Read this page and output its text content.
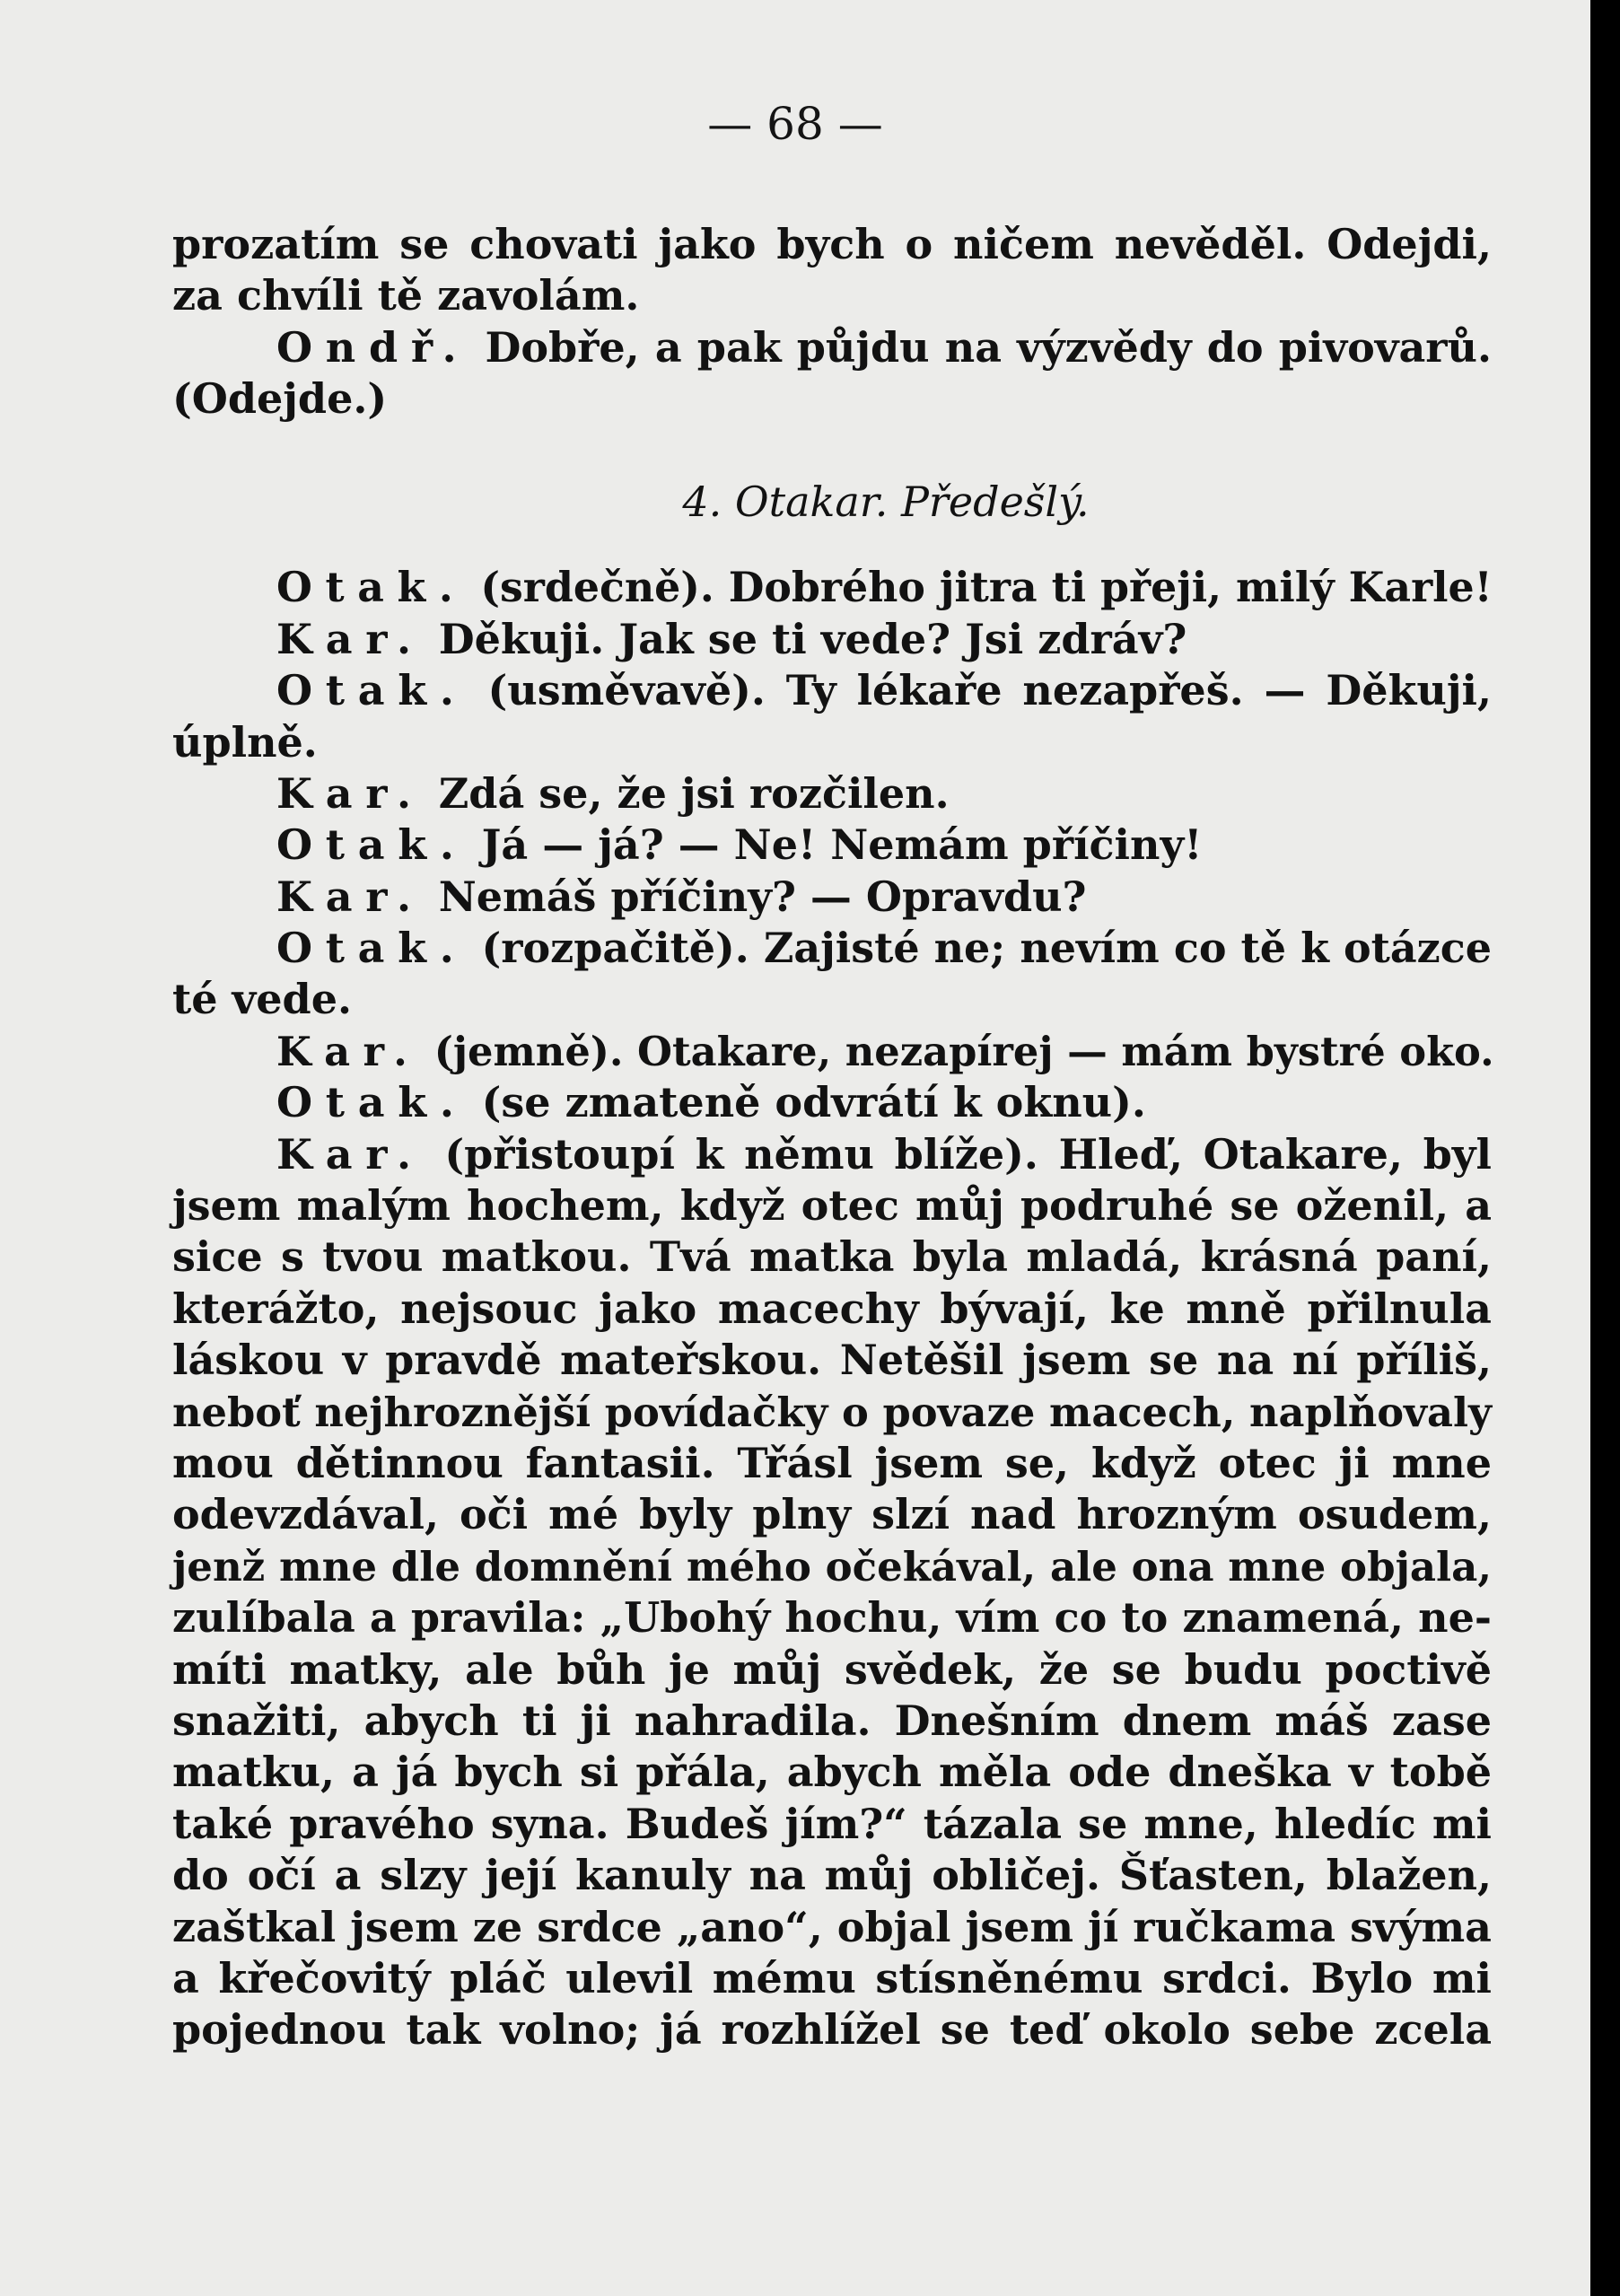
— 68 —
prozatím se chovati jako bych o ničem nevěděl. Odejdi,
za chvíli tě zavolám.
Ondř. Dobře, a pak půjdu na výzvědy do pivovarů.
(Odejde.)
4. Otakar. Předešlý.
Otak. (srdečně). Dobrého jitra ti přeji, milý Karle!
Kar. Děkuji. Jak se ti vede? Jsi zdráv?
Otak. (usměvavě). Ty lékaře nezapřeš. — Děkuji,
úplně.
Kar. Zdá se, že jsi rozčilen.
Otak. Já — já? — Ne! Nemám příčiny!
Kar. Nemáš příčiny? — Opravdu?
Otak. (rozpačitě). Zajisté ne; nevím co tě k otázce
té vede.
Kar. (jemně). Otakare, nezapírej — mám bystré oko.
Otak. (se zmateně odvrátí k oknu).
Kar. (přistoupí k němu blíže). Hleď, Otakare, byl
jsem malým hochem, když otec můj podruhé se oženil, a
sice s tvou matkou. Tvá matka byla mladá, krásná paní,
kterážto, nejsouc jako macechy bývají, ke mně přilnula
láskou v pravdě mateřskou. Netěšil jsem se na ní příliš,
neboť nejhroznější povídačky o povaze macech, naplňovaly
mou dětinnou fantasii. Třásl jsem se, když otec ji mne
odevzdával, oči mé byly plny slzí nad hrozným osudem,
jenž mne dle domnění mého očekával, ale ona mne objala,
zulíbala a pravila: „Ubohý hochu, vím co to znamená, ne-
míti matky, ale bůh je můj svědek, že se budu poctivě
snažiti, abych ti ji nahradila. Dnešním dnem máš zase
matku, a já bych si přála, abych měla ode dneška v tobě
také pravého syna. Budeš jím?“ tázala se mne, hledíc mi
do očí a slzy její kanuly na můj obličej. Šťasten, blažen,
zaštkal jsem ze srdce „ano“, objal jsem jí ručkama svýma
a křečovitý pláč ulevil mému stísněnému srdci. Bylo mi
pojednou tak volno; já rozhlížel se teď okolo sebe zcela
